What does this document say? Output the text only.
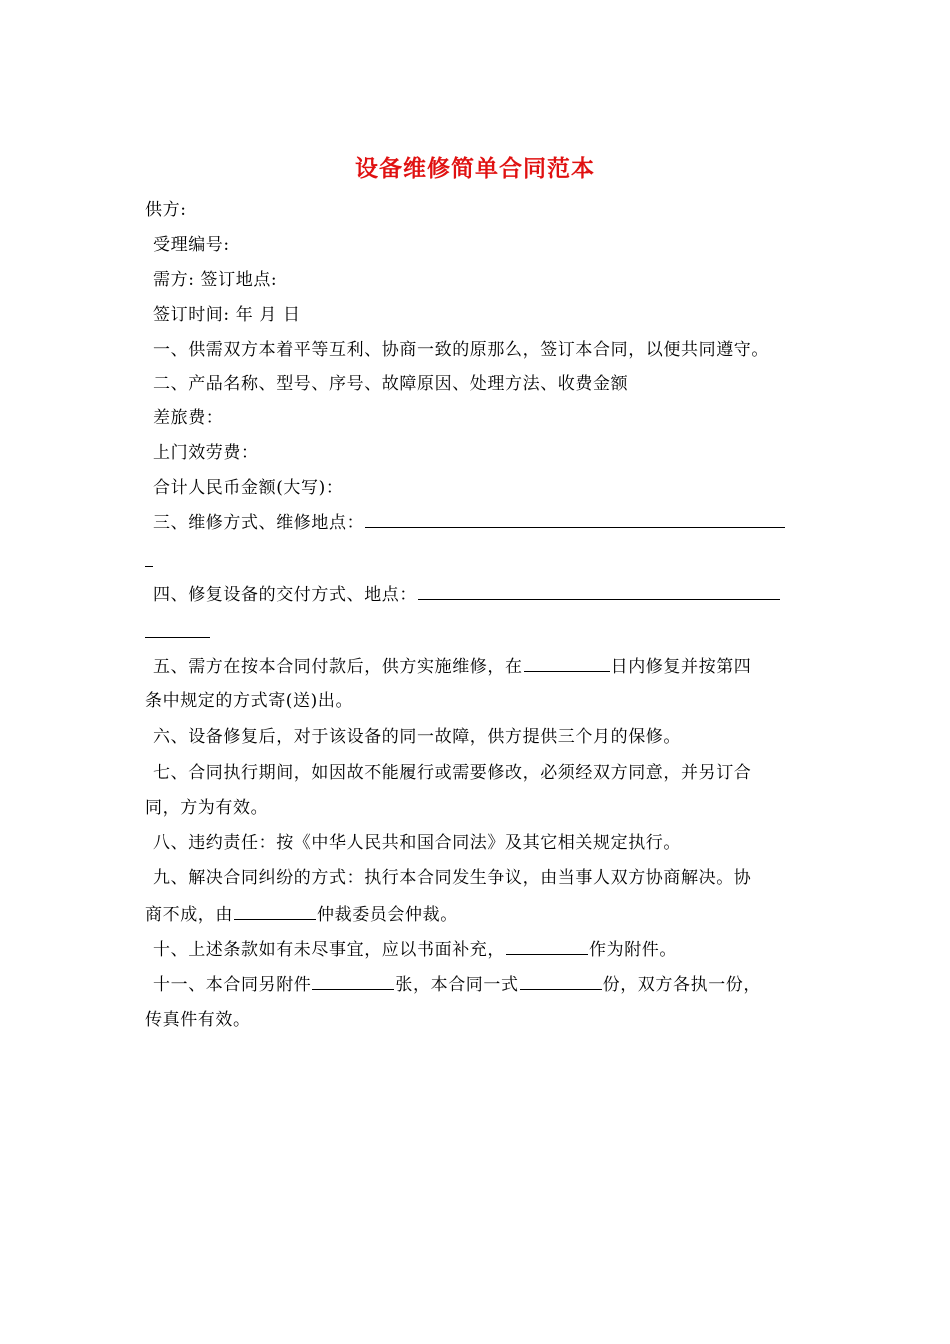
设备维修简单合同范本
供方:
受理编号:
需方: 签订地点:
签订时间: 年 月 日
一、供需双方本着平等互利、协商一致的原那么，签订本合同，以便共同遵守。
二、产品名称、型号、序号、故障原因、处理方法、收费金额
差旅费：
上门效劳费：
合计人民币金额(大写)：
三、维修方式、维修地点：
四、修复设备的交付方式、地点：
五、需方在按本合同付款后，供方实施维修，在	日内修复并按第四
条中规定的方式寄(送)出。
六、设备修复后，对于该设备的同一故障，供方提供三个月的保修。
七、合同执行期间，如因故不能履行或需要修改，必须经双方同意，并另订合
同，方为有效。
八、违约责任：按《中华人民共和国合同法》及其它相关规定执行。
九、解决合同纠纷的方式：执行本合同发生争议，由当事人双方协商解决。协
商不成，由	仲裁委员会仲裁。
十、上述条款如有未尽事宜，应以书面补充，	作为附件。
十一、本合同另附件	张，本合同一式	份，双方各执一份，
传真件有效。
